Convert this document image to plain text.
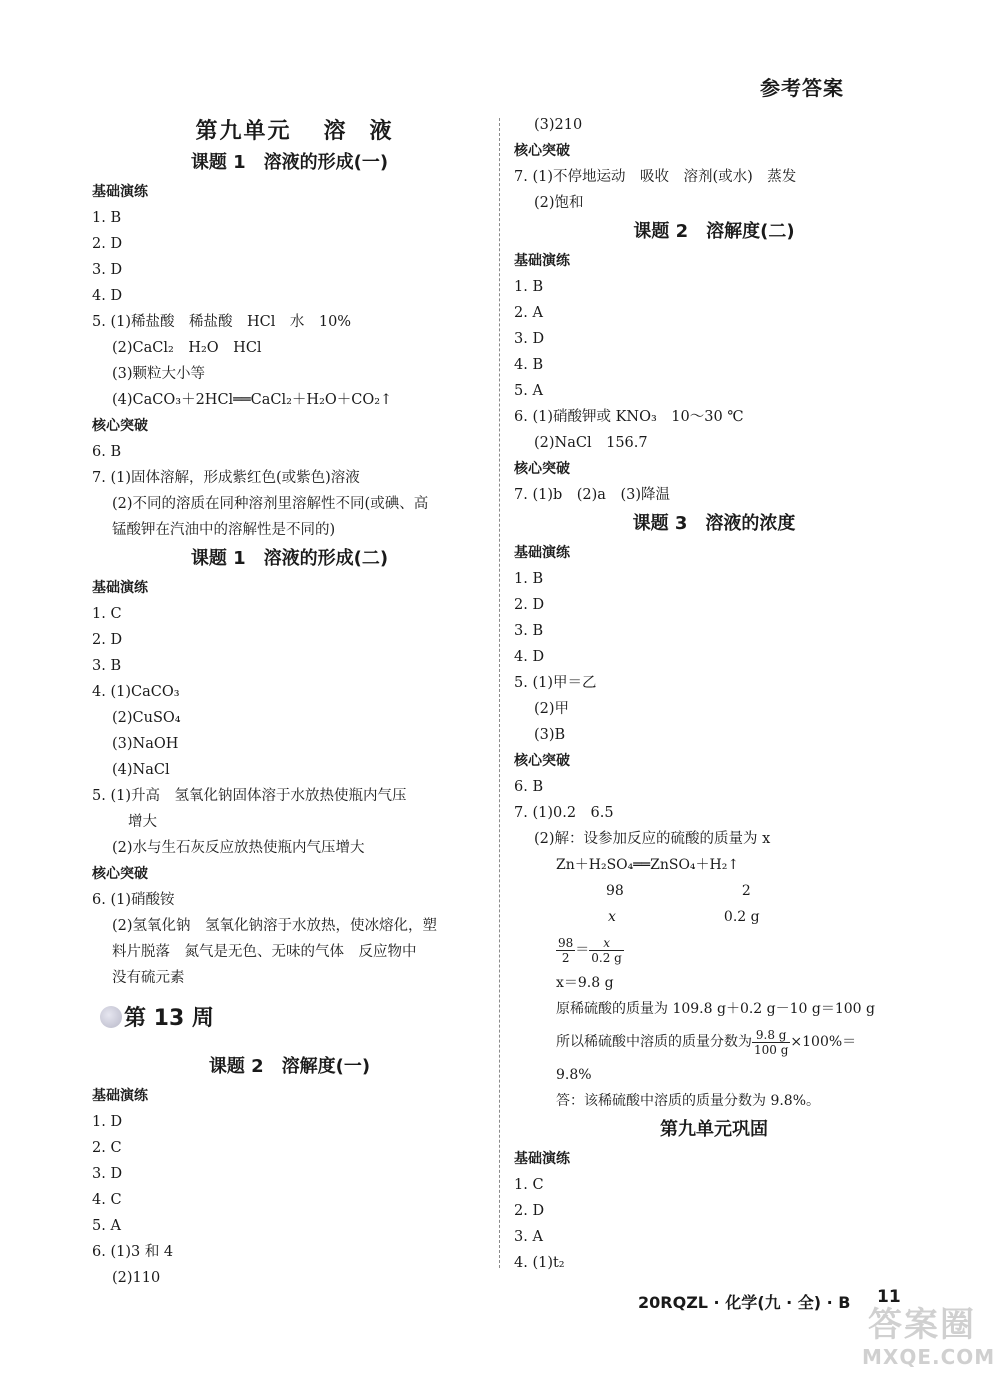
参考答案
第九单元 溶 液
课题 1 溶液的形成(一)
基础演练
1. B
2. D
3. D
4. D
5. (1)稀盐酸　稀盐酸　HCl　水　10%
(2)CaCl₂　H₂O　HCl
(3)颗粒大小等
(4)CaCO₃＋2HCl══CaCl₂＋H₂O＋CO₂↑
核心突破
6. B
7. (1)固体溶解，形成紫红色(或紫色)溶液
(2)不同的溶质在同种溶剂里溶解性不同(或碘、高
锰酸钾在汽油中的溶解性是不同的)
课题 1 溶液的形成(二)
基础演练
1. C
2. D
3. B
4. (1)CaCO₃
(2)CuSO₄
(3)NaOH
(4)NaCl
5. (1)升高　氢氧化钠固体溶于水放热使瓶内气压
增大
(2)水与生石灰反应放热使瓶内气压增大
核心突破
6. (1)硝酸铵
(2)氢氧化钠　氢氧化钠溶于水放热，使冰熔化，塑
料片脱落　氮气是无色、无味的气体　反应物中
没有硫元素
第 13 周
课题 2 溶解度(一)
基础演练
1. D
2. C
3. D
4. C
5. A
6. (1)3 和 4
(2)110
(3)210
核心突破
7. (1)不停地运动　吸收　溶剂(或水)　蒸发
(2)饱和
课题 2 溶解度(二)
基础演练
1. B
2. A
3. D
4. B
5. A
6. (1)硝酸钾或 KNO₃　10～30 ℃
(2)NaCl　156.7
核心突破
7. (1)b　(2)a　(3)降温
课题 3 溶液的浓度
基础演练
1. B
2. D
3. B
4. D
5. (1)甲＝乙
(2)甲
(3)B
核心突破
6. B
7. (1)0.2　6.5
(2)解：设参加反应的硫酸的质量为 x
Zn＋H₂SO₄══ZnSO₄＋H₂↑
98	2
x	0.2 g
$\frac{98}{2} = \frac{x}{0.2 g}$
x＝9.8 g
原稀硫酸的质量为 109.8 g＋0.2 g－10 g＝100 g
所以稀硫酸中溶质的质量分数为 $\frac{9.8 g}{100 g} \times 100\%=$
9.8%
答：该稀硫酸中溶质的质量分数为 9.8%。
第九单元巩固
基础演练
1. C
2. D
3. A
4. (1)t₂
20RQZL · 化学(九 · 全) · B 11
答案圈
MXQE.COM
